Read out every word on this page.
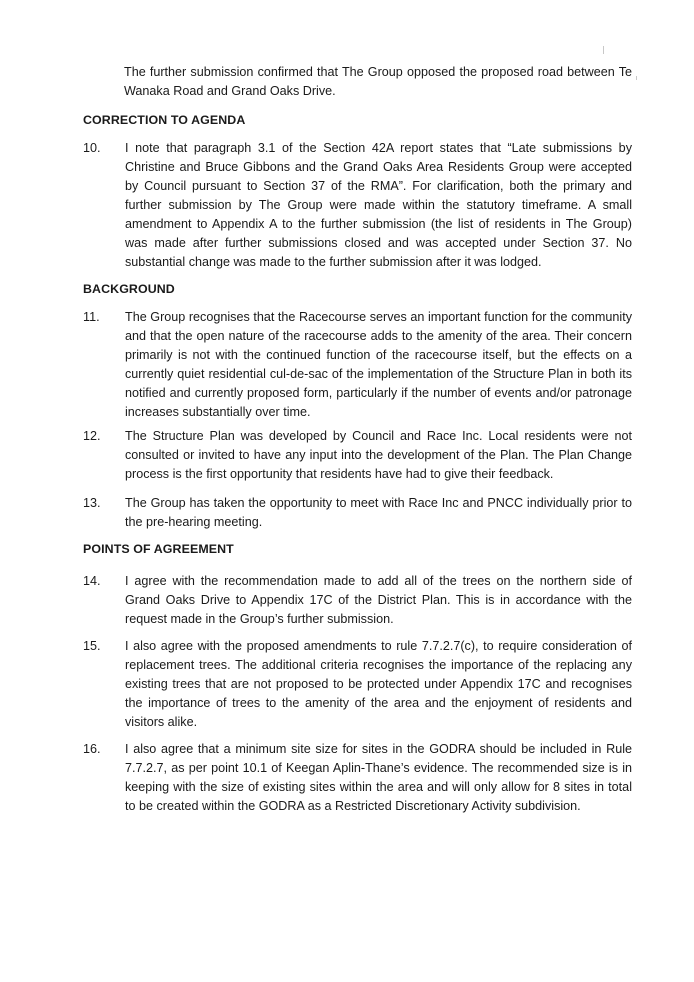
The further submission confirmed that The Group opposed the proposed road between Te Wanaka Road and Grand Oaks Drive.
CORRECTION TO AGENDA
10.	I note that paragraph 3.1 of the Section 42A report states that “Late submissions by Christine and Bruce Gibbons and the Grand Oaks Area Residents Group were accepted by Council pursuant to Section 37 of the RMA”. For clarification, both the primary and further submission by The Group were made within the statutory timeframe. A small amendment to Appendix A to the further submission (the list of residents in The Group) was made after further submissions closed and was accepted under Section 37. No substantial change was made to the further submission after it was lodged.
BACKGROUND
11.	The Group recognises that the Racecourse serves an important function for the community and that the open nature of the racecourse adds to the amenity of the area. Their concern primarily is not with the continued function of the racecourse itself, but the effects on a currently quiet residential cul-de-sac of the implementation of the Structure Plan in both its notified and currently proposed form, particularly if the number of events and/or patronage increases substantially over time.
12.	The Structure Plan was developed by Council and Race Inc. Local residents were not consulted or invited to have any input into the development of the Plan. The Plan Change process is the first opportunity that residents have had to give their feedback.
13.	The Group has taken the opportunity to meet with Race Inc and PNCC individually prior to the pre-hearing meeting.
POINTS OF AGREEMENT
14.	I agree with the recommendation made to add all of the trees on the northern side of Grand Oaks Drive to Appendix 17C of the District Plan. This is in accordance with the request made in the Group’s further submission.
15.	I also agree with the proposed amendments to rule 7.7.2.7(c), to require consideration of replacement trees. The additional criteria recognises the importance of the replacing any existing trees that are not proposed to be protected under Appendix 17C and recognises the importance of trees to the amenity of the area and the enjoyment of residents and visitors alike.
16.	I also agree that a minimum site size for sites in the GODRA should be included in Rule 7.7.2.7, as per point 10.1 of Keegan Aplin-Thane’s evidence. The recommended size is in keeping with the size of existing sites within the area and will only allow for 8 sites in total to be created within the GODRA as a Restricted Discretionary Activity subdivision.
